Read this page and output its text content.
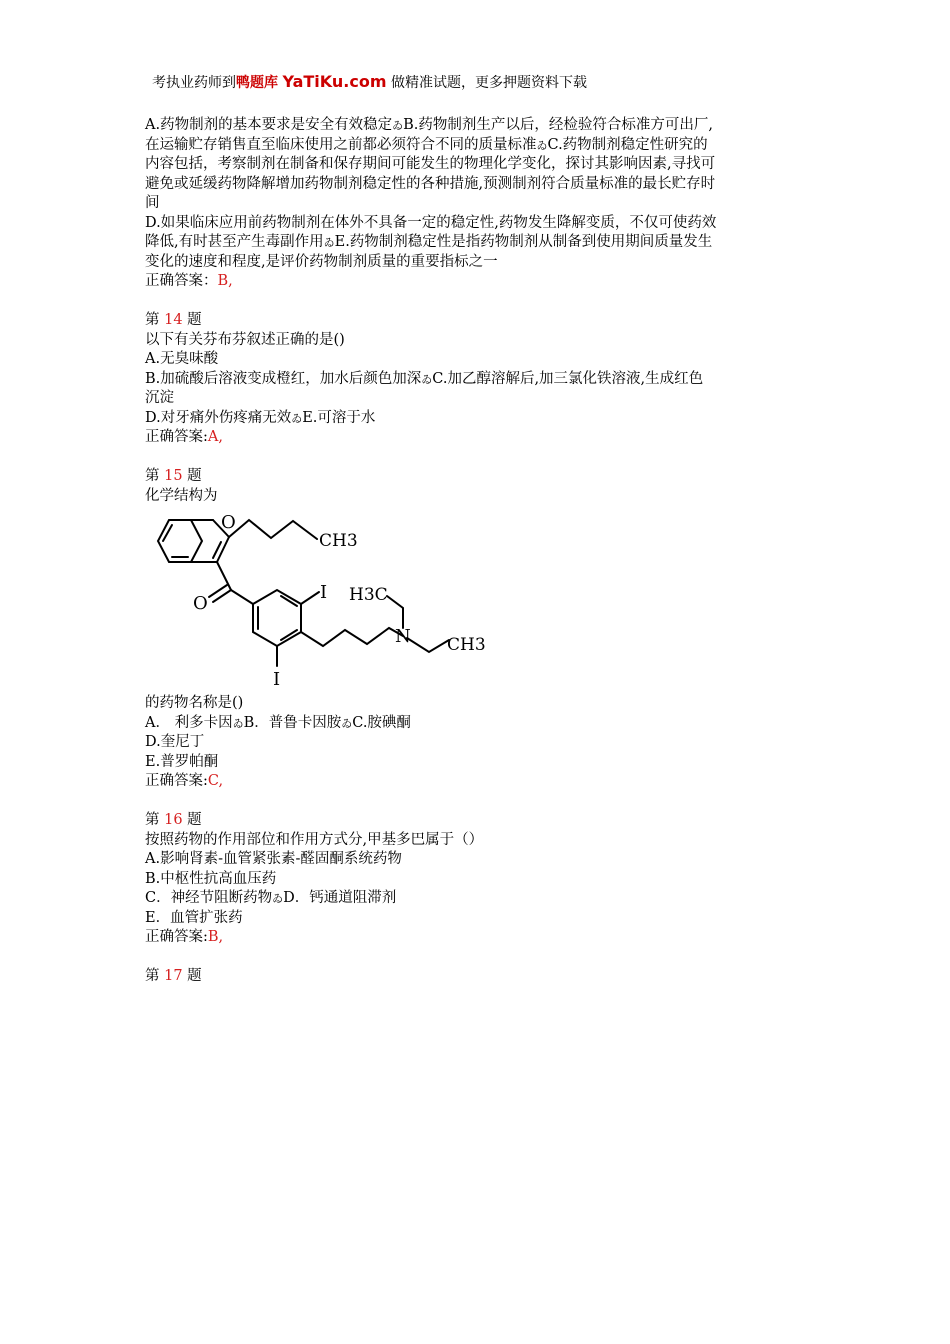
考执业药师到鸭题库 YaTiKu.com 做精准试题，更多押题资料下载
A.药物制剂的基本要求是安全有效稳定ゐB.药物制剂生产以后，经检验符合标准方可出厂,
在运输贮存销售直至临床使用之前都必须符合不同的质量标准ゐC.药物制剂稳定性研究的
内容包括，考察制剂在制备和保存期间可能发生的物理化学变化，探讨其影响因素,寻找可
避免或延缓药物降解增加药物制剂稳定性的各种措施,预测制剂符合质量标准的最长贮存时
间
D.如果临床应用前药物制剂在体外不具备一定的稳定性,药物发生降解变质，不仅可使药效
降低,有时甚至产生毒副作用ゐE.药物制剂稳定性是指药物制剂从制备到使用期间质量发生
变化的速度和程度,是评价药物制剂质量的重要指标之一
正确答案：B,
第 14 题
以下有关芬布芬叙述正确的是()
A.无臭味酸
B.加硫酸后溶液变成橙红，加水后颜色加深ゐC.加乙醇溶解后,加三氯化铁溶液,生成红色
沉淀
D.对牙痛外伤疼痛无效ゐE.可溶于水
正确答案:A,
第 15 题
化学结构为
O
CH3
O
I
I
H3C
N CH3
的药物名称是()
A． 利多卡因ゐB．普鲁卡因胺ゐC.胺碘酮
D.奎尼丁
E.普罗帕酮
正确答案:C,
第 16 题
按照药物的作用部位和作用方式分,甲基多巴属于（）
A.影响肾素-血管紧张素-醛固酮系统药物
B.中枢性抗高血压药
C．神经节阻断药物ゐD．钙通道阻滞剂
E．血管扩张药
正确答案:B,
第 17 题
